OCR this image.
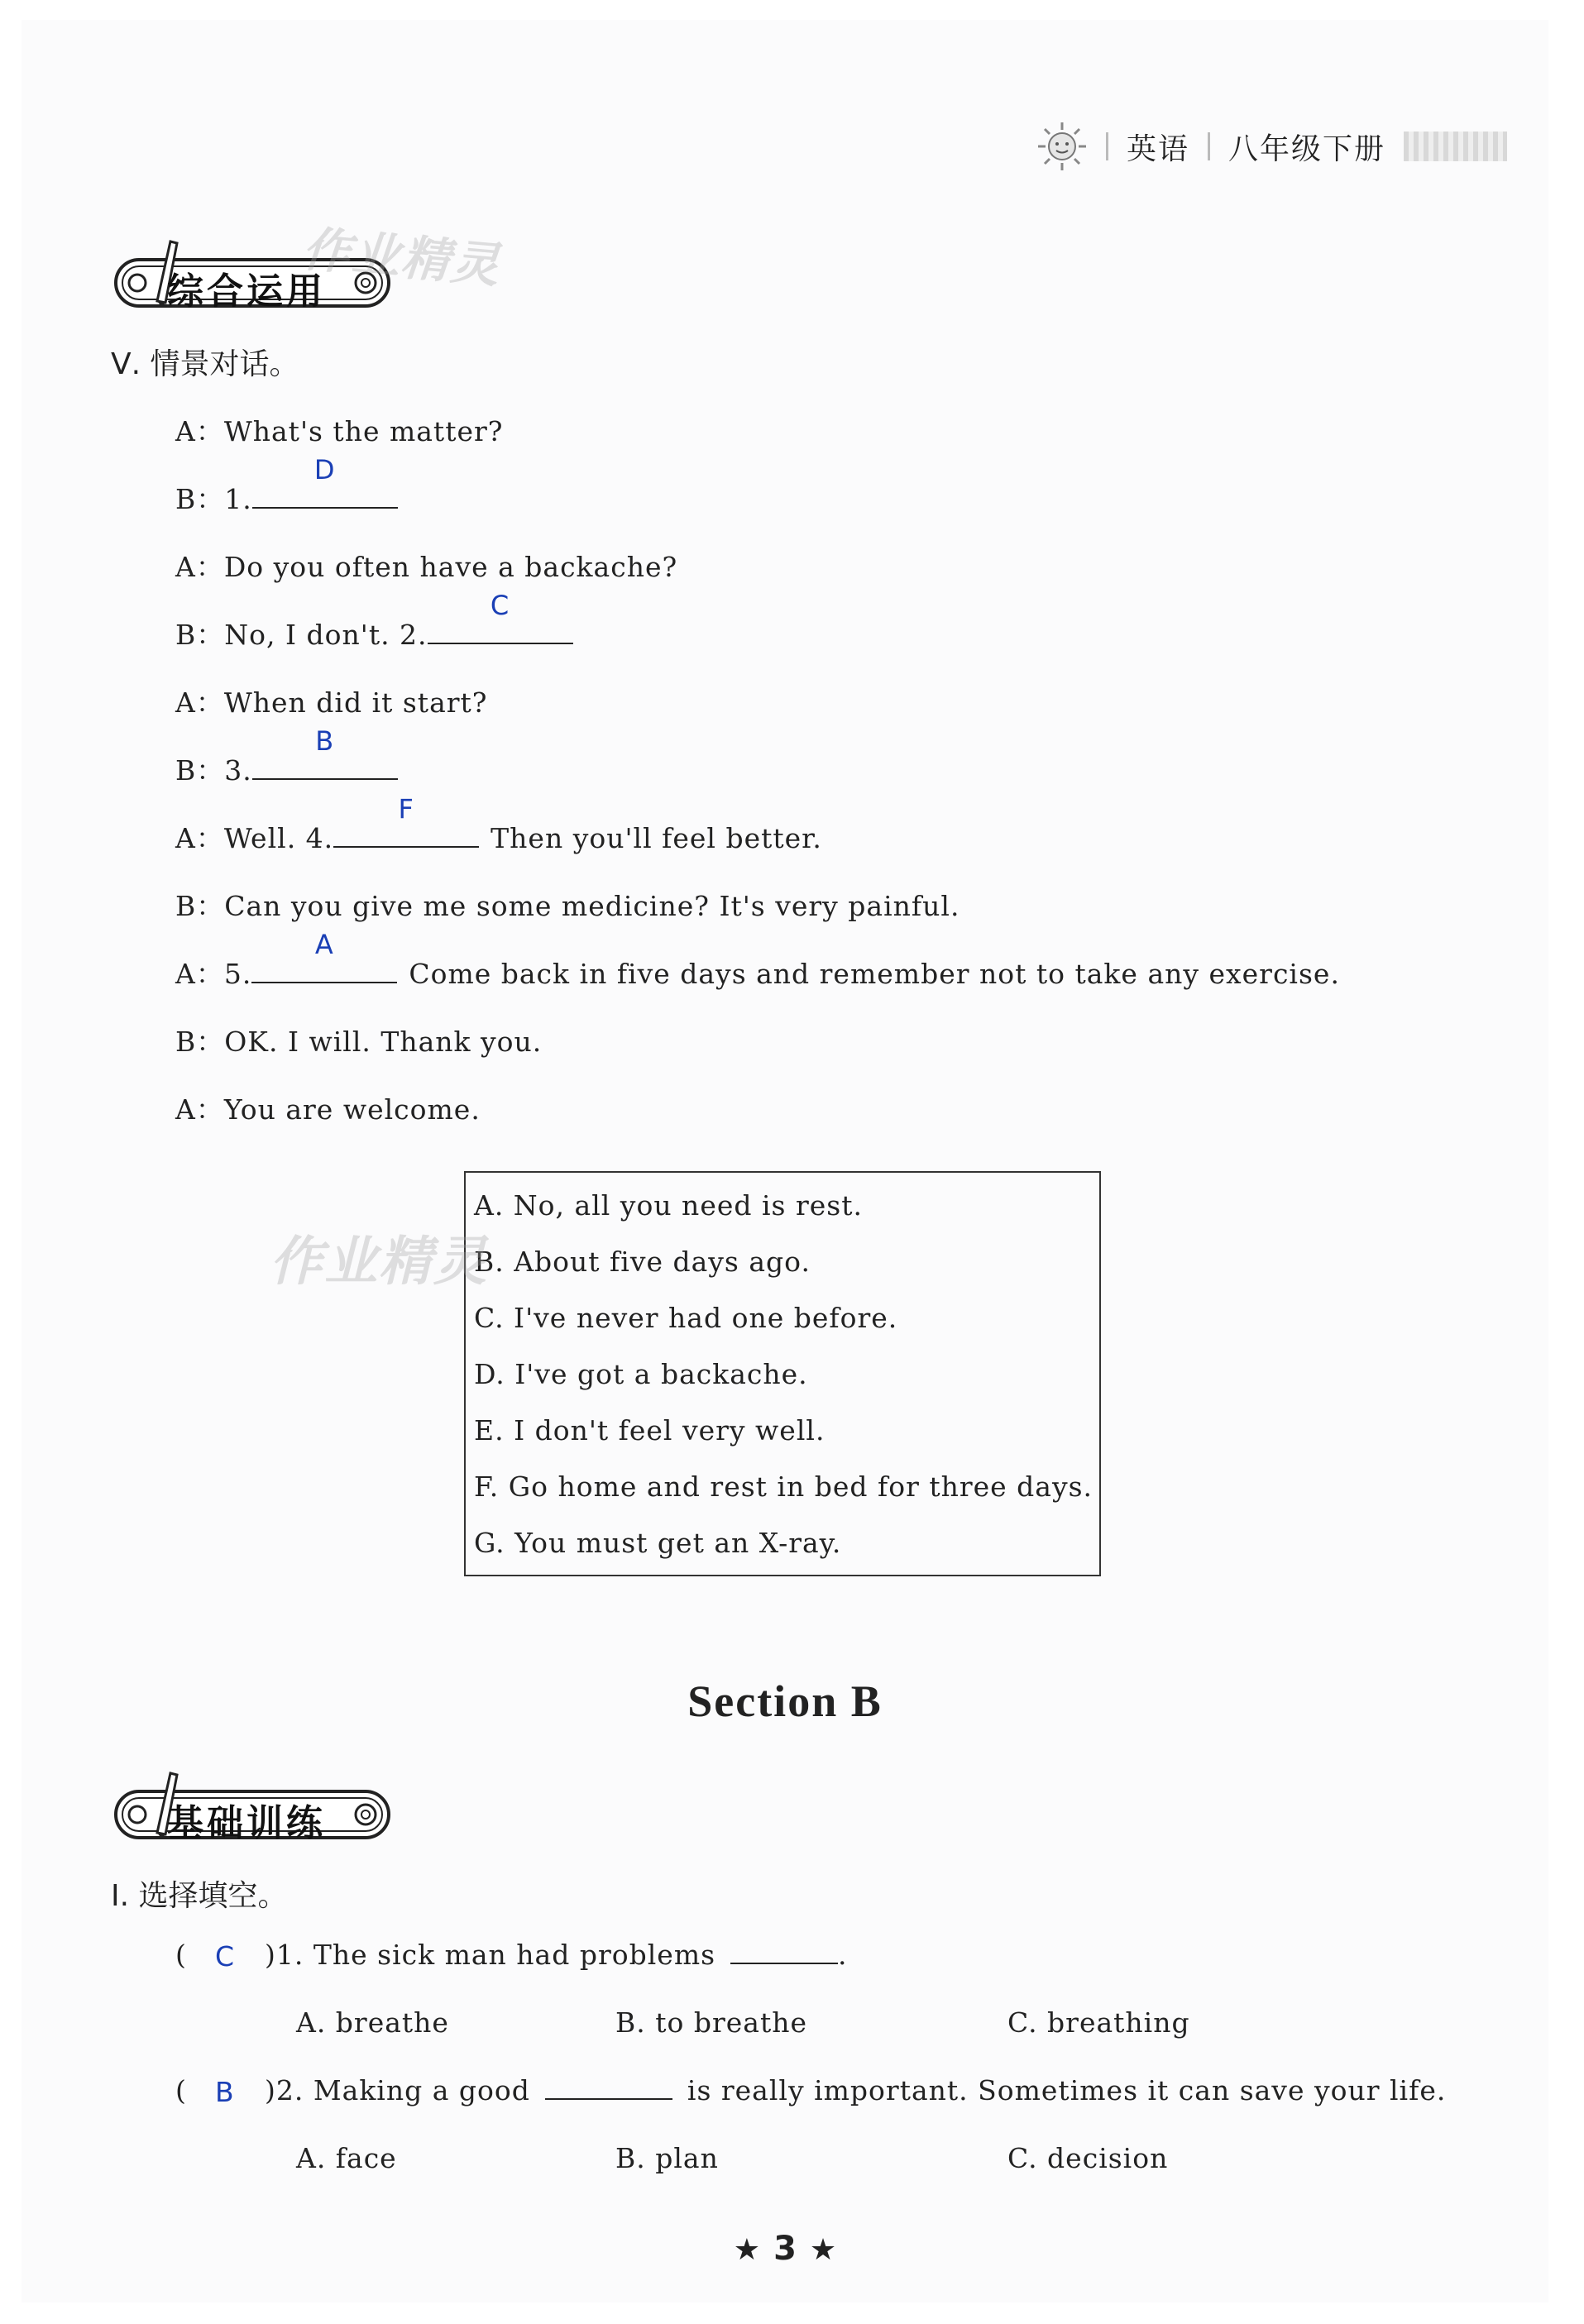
英语 八年级下册
综合运用
作业精灵
Ⅴ. 情景对话。
A：What's the matter?
B：1.
D
A：Do you often have a backache?
B：No, I don't. 2.
C
A：When did it start?
B：3.
B
A：Well. 4.
F
Then you'll feel better.
B：Can you give me some medicine? It's very painful.
A：5.
A
Come back in five days and remember not to take any exercise.
B：OK. I will. Thank you.
A：You are welcome.
A. No, all you need is rest.
B. About five days ago.
C. I've never had one before.
D. I've got a backache.
E. I don't feel very well.
F. Go home and rest in bed for three days.
G. You must get an X-ray.
作业精灵
Section B
基础训练
Ⅰ. 选择填空。
( C )1. The sick man had problems	.
A. breathe	B. to breathe	C. breathing
( B )2. Making a good	is really important. Sometimes it can save your life.
A. face	B. plan	C. decision
★ 3 ★
